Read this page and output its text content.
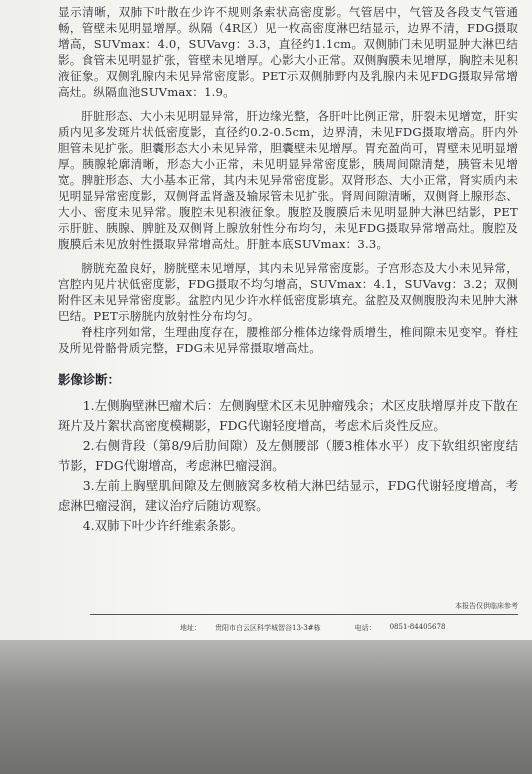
显示清晰，双肺下叶散在少许不规则条索状高密度影。气管居中，气管及各段支气管通畅，管壁未见明显增厚。纵隔（4R区）见一枚高密度淋巴结显示，边界不清，FDG摄取增高，SUVmax：4.0，SUVavg：3.3，直径约1.1cm。双侧肺门未见明显肿大淋巴结影。食管未见明显扩张，管壁未见增厚。心影大小正常。双侧胸膜未见增厚，胸腔未见积液征象。双侧乳腺内未见异常密度影。PET示双侧肺野内及乳腺内未见FDG摄取异常增高灶。纵隔血池SUVmax：1.9。

肝脏形态、大小未见明显异常，肝边缘光整，各肝叶比例正常，肝裂未见增宽，肝实质内见多发斑片状低密度影，直径约0.2-0.5cm，边界清，未见FDG摄取增高。肝内外胆管未见扩张。胆囊形态大小未见异常，胆囊壁未见增厚。胃充盈尚可，胃壁未见明显增厚。胰腺轮廓清晰，形态大小正常，未见明显异常密度影，胰周间隙清楚，胰管未见增宽。脾脏形态、大小基本正常，其内未见异常密度影。双肾形态、大小正常，肾实质内未见明显异常密度影，双侧肾盂肾盏及输尿管未见扩张。肾周间隙清晰，双侧肾上腺形态、大小、密度未见异常。腹腔未见积液征象。腹腔及腹膜后未见明显肿大淋巴结影，PET示肝脏、胰腺、脾脏及双侧肾上腺放射性分布均匀，未见FDG摄取异常增高灶。腹腔及腹膜后未见放射性摄取异常增高灶。肝脏本底SUVmax：3.3。

膀胱充盈良好，膀胱壁未见增厚，其内未见异常密度影。子宫形态及大小未见异常，宫腔内见片状低密度影，FDG摄取不均匀增高，SUVmax：4.1，SUVavg：3.2；双侧附件区未见异常密度影。盆腔内见少许水样低密度影填充。盆腔及双侧腹股沟未见肿大淋巴结。PET示膀胱内放射性分布均匀。

脊柱序列如常，生理曲度存在，腰椎部分椎体边缘骨质增生，椎间隙未见变窄。脊柱及所见骨骼骨质完整，FDG未见异常摄取增高灶。

影像诊断：

1.左侧胸壁淋巴瘤术后：左侧胸壁术区未见肿瘤残余；术区皮肤增厚并皮下散在斑片及片絮状高密度模糊影，FDG代谢轻度增高，考虑术后炎性反应。

2.右侧背段（第8/9后肋间隙）及左侧腰部（腰3椎体水平）皮下软组织密度结节影，FDG代谢增高，考虑淋巴瘤浸润。

3.左前上胸壁肌间隙及左侧腋窝多枚稍大淋巴结显示，FDG代谢轻度增高，考虑淋巴瘤浸润，建议治疗后随访观察。

4.双肺下叶少许纤维索条影。

本报告仅供临床参考

地址： 贵阳市白云区科学城智谷13-3#栋	电话： 0851-84405678
